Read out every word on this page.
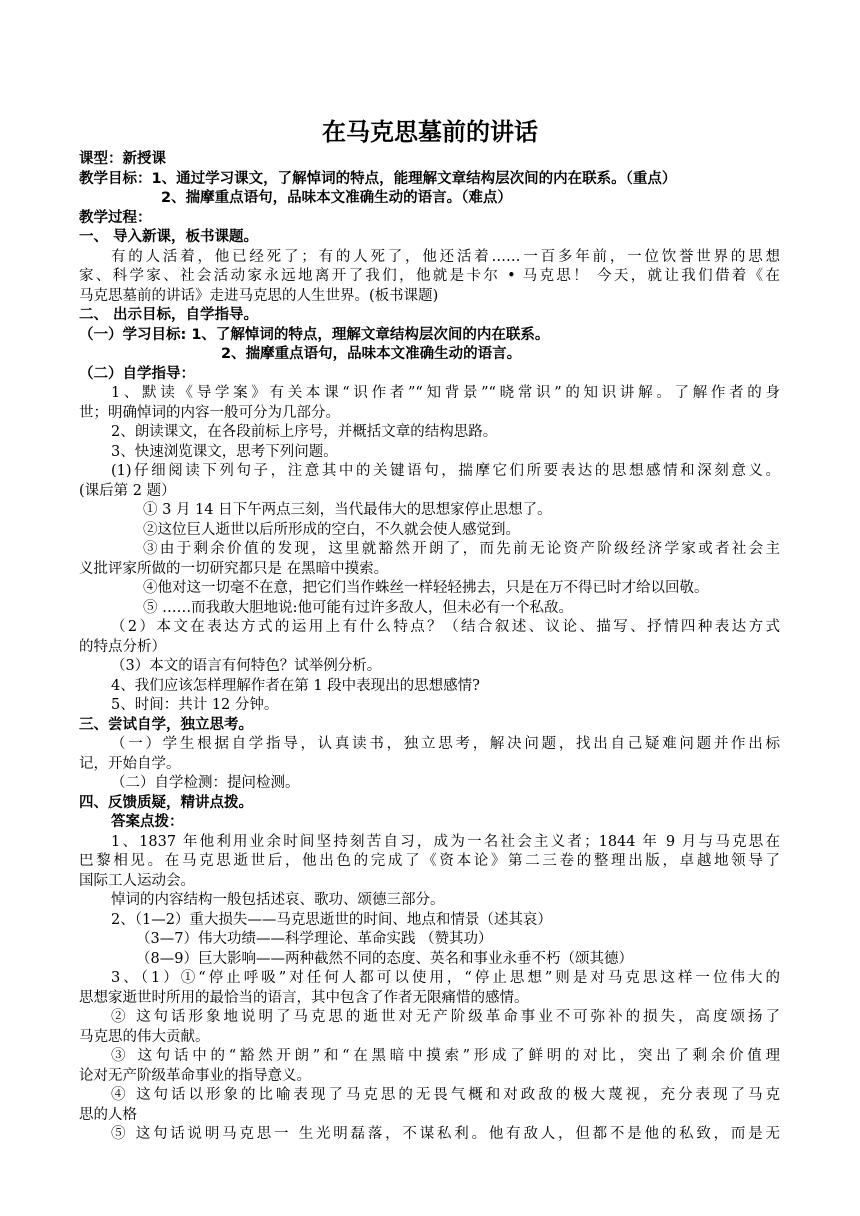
在马克思墓前的讲话
课型：新授课
教学目标：1、通过学习课文，了解悼词的特点，能理解文章结构层次间的内在联系。（重点）
2、揣摩重点语句，品味本文准确生动的语言。（难点）
教学过程：
一、 导入新课，板书课题。
有的人活着，他已经死了；有的人死了，他还活着……一百多年前，一位饮誉世界的思想
家、科学家、社会活动家永远地离开了我们，他就是卡尔 • 马克思！ 今天，就让我们借着《在
马克思墓前的讲话》走进马克思的人生世界。(板书课题)
二、 出示目标，自学指导。
（一）学习目标: 1、了解悼词的特点，理解文章结构层次间的内在联系。
2、揣摩重点语句，品味本文准确生动的语言。
（二）自学指导：
1、默读《导学案》有关本课“识作者”“知背景”“晓常识”的知识讲解。了解作者的身
世；明确悼词的内容一般可分为几部分。
2、朗读课文，在各段前标上序号，并概括文章的结构思路。
3、快速浏览课文，思考下列问题。
(1)仔细阅读下列句子，注意其中的关键语句，揣摩它们所要表达的思想感情和深刻意义。
(课后第 2 题）
① 3 月 14 日下午两点三刻，当代最伟大的思想家停止思想了。
②这位巨人逝世以后所形成的空白，不久就会使人感觉到。
③由于剩余价值的发现，这里就豁然开朗了，而先前无论资产阶级经济学家或者社会主
义批评家所做的一切研究都只是 在黑暗中摸索。
④他对这一切毫不在意，把它们当作蛛丝一样轻轻拂去，只是在万不得已时才给以回敬。
⑤ ……而我敢大胆地说:他可能有过许多敌人，但未必有一个私敌。
（2）本文在表达方式的运用上有什么特点？（结合叙述、议论、描写、抒情四种表达方式
的特点分析）
（3）本文的语言有何特色？试举例分析。
4、我们应该怎样理解作者在第 1 段中表现出的思想感情?
5、时间：共计 12 分钟。
三、尝试自学，独立思考。
（一）学生根据自学指导，认真读书，独立思考，解决问题，找出自己疑难问题并作出标
记，开始自学。
（二）自学检测：提问检测。
四、反馈质疑，精讲点拨。
答案点拨：
1、1837 年他利用业余时间坚持刻苦自习，成为一名社会主义者；1844 年 9 月与马克思在
巴黎相见。在马克思逝世后，他出色的完成了《资本论》第二三卷的整理出版，卓越地领导了
国际工人运动会。
悼词的内容结构一般包括述哀、歌功、颂德三部分。
2、（1—2）重大损失——马克思逝世的时间、地点和情景（述其哀）
（3—7）伟大功绩——科学理论、革命实践 （赞其功）
（8—9）巨大影响——两种截然不同的态度、英名和事业永垂不朽（颂其德）
3、（1）①“停止呼吸”对任何人都可以使用，“停止思想”则是对马克思这样一位伟大的
思想家逝世时所用的最恰当的语言，其中包含了作者无限痛惜的感情。
② 这句话形象地说明了马克思的逝世对无产阶级革命事业不可弥补的损失，高度颂扬了
马克思的伟大贡献。
③ 这句话中的“豁然开朗”和“在黑暗中摸索”形成了鲜明的对比，突出了剩余价值理
论对无产阶级革命事业的指导意义。
④ 这句话以形象的比喻表现了马克思的无畏气概和对政敌的极大蔑视，充分表现了马克
思的人格
⑤ 这句话说明马克思一 生光明磊落，不谋私利。他有敌人，但都不是他的私致，而是无
